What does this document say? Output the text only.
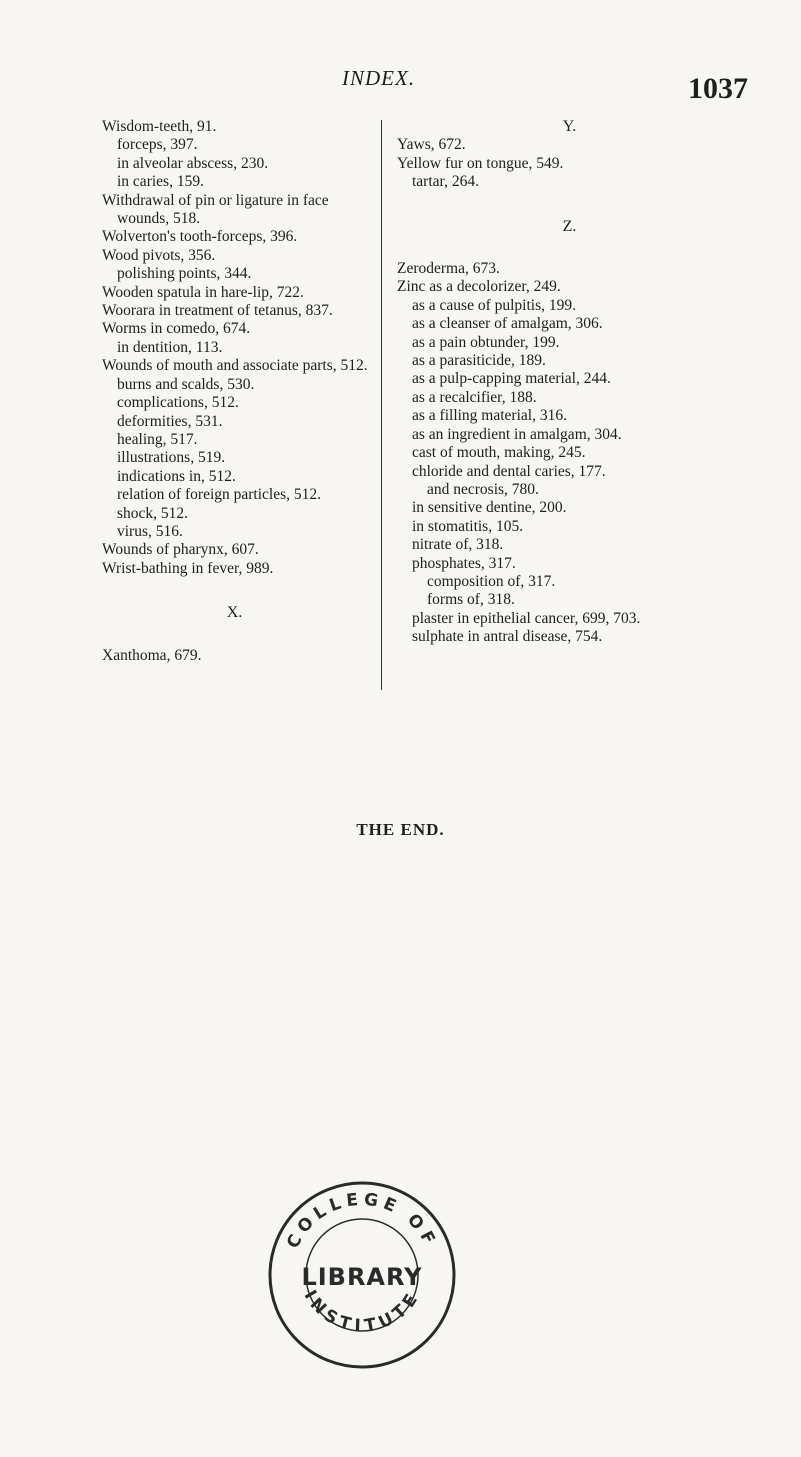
INDEX.	1037
Wisdom-teeth, 91.
forceps, 397.
in alveolar abscess, 230.
in caries, 159.
Withdrawal of pin or ligature in face
wounds, 518.
Wolverton's tooth-forceps, 396.
Wood pivots, 356.
polishing points, 344.
Wooden spatula in hare-lip, 722.
Woorara in treatment of tetanus, 837.
Worms in comedo, 674.
in dentition, 113.
Wounds of mouth and associate parts, 512.
burns and scalds, 530.
complications, 512.
deformities, 531.
healing, 517.
illustrations, 519.
indications in, 512.
relation of foreign particles, 512.
shock, 512.
virus, 516.
Wounds of pharynx, 607.
Wrist-bathing in fever, 989.
X.
Xanthoma, 679.
Y.
Yaws, 672.
Yellow fur on tongue, 549.
tartar, 264.
Z.
Zeroderma, 673.
Zinc as a decolorizer, 249.
as a cause of pulpitis, 199.
as a cleanser of amalgam, 306.
as a pain obtunder, 199.
as a parasiticide, 189.
as a pulp-capping material, 244.
as a recalcifier, 188.
as a filling material, 316.
as an ingredient in amalgam, 304.
cast of mouth, making, 245.
chloride and dental caries, 177.
and necrosis, 780.
in sensitive dentine, 200.
in stomatitis, 105.
nitrate of, 318.
phosphates, 317.
composition of, 317.
forms of, 318.
plaster in epithelial cancer, 699, 703.
sulphate in antral disease, 754.
THE END.
COLLEGE OF
INSTITUTE
LIBRARY
